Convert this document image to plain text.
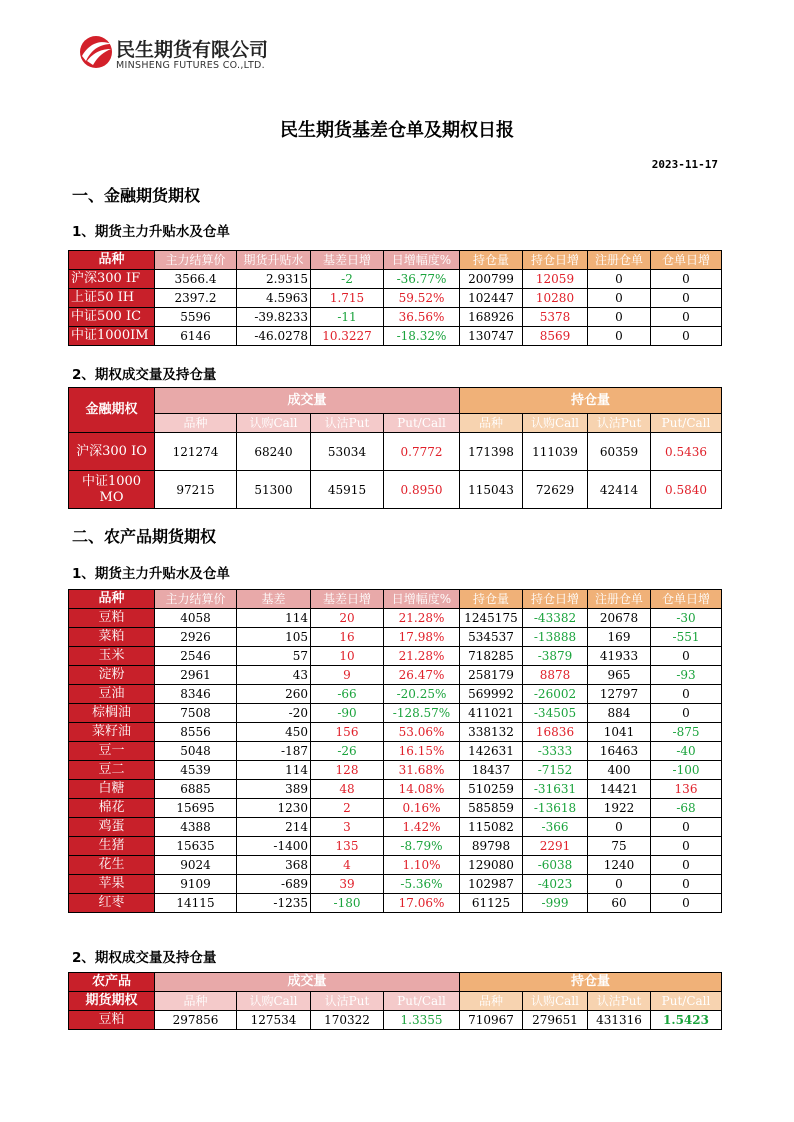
民生期货有限公司
MINSHENG FUTURES CO.,LTD.
民生期货基差仓单及期权日报
2023-11-17
一、金融期货期权
1、期货主力升贴水及仓单
品种	主力结算价	期货升贴水	基差日增	日增幅度%	持仓量	持仓日增	注册仓单	仓单日增
沪深300 IF	3566.4	2.9315	-2	-36.77%	200799	12059	0	0
上证50 IH	2397.2	4.5963	1.715	59.52%	102447	10280	0	0
中证500 IC	5596	-39.8233	-11	36.56%	168926	5378	0	0
中证1000IM	6146	-46.0278	10.3227	-18.32%	130747	8569	0	0
2、期权成交量及持仓量
金融期权	成交量				持仓量			
	品种	认购Call	认沽Put	Put/Call	品种	认购Call	认沽Put	Put/Call
沪深300 IO	121274	68240	53034	0.7772	171398	111039	60359	0.5436
中证1000 MO	97215	51300	45915	0.8950	115043	72629	42414	0.5840
二、农产品期货期权
1、期货主力升贴水及仓单
品种	主力结算价	基差	基差日增	日增幅度%	持仓量	持仓日增	注册仓单	仓单日增
豆粕	4058	114	20	21.28%	1245175	-43382	20678	-30
菜粕	2926	105	16	17.98%	534537	-13888	169	-551
玉米	2546	57	10	21.28%	718285	-3879	41933	0
淀粉	2961	43	9	26.47%	258179	8878	965	-93
豆油	8346	260	-66	-20.25%	569992	-26002	12797	0
棕榈油	7508	-20	-90	-128.57%	411021	-34505	884	0
菜籽油	8556	450	156	53.06%	338132	16836	1041	-875
豆一	5048	-187	-26	16.15%	142631	-3333	16463	-40
豆二	4539	114	128	31.68%	18437	-7152	400	-100
白糖	6885	389	48	14.08%	510259	-31631	14421	136
棉花	15695	1230	2	0.16%	585859	-13618	1922	-68
鸡蛋	4388	214	3	1.42%	115082	-366	0	0
生猪	15635	-1400	135	-8.79%	89798	2291	75	0
花生	9024	368	4	1.10%	129080	-6038	1240	0
苹果	9109	-689	39	-5.36%	102987	-4023	0	0
红枣	14115	-1235	-180	17.06%	61125	-999	60	0
2、期权成交量及持仓量
农产品	成交量				持仓量			
期货期权	品种	认购Call	认沽Put	Put/Call	品种	认购Call	认沽Put	Put/Call
豆粕	297856	127534	170322	1.3355	710967	279651	431316	1.5423
